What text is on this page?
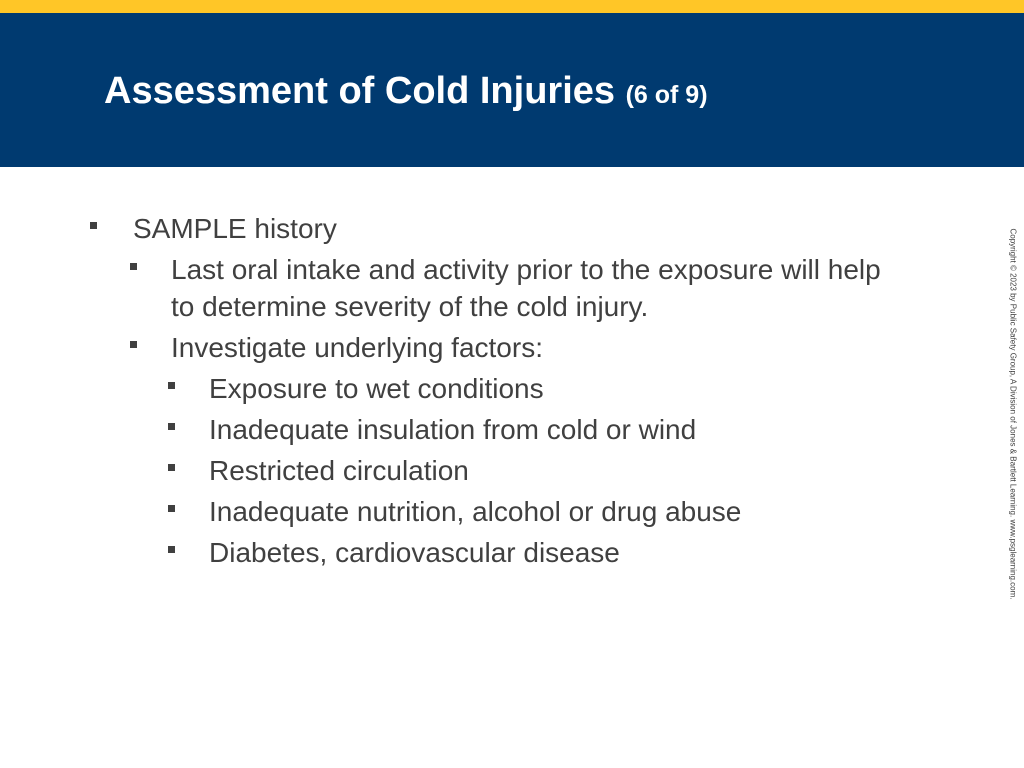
Assessment of Cold Injuries (6 of 9)
SAMPLE history
Last oral intake and activity prior to the exposure will help to determine severity of the cold injury.
Investigate underlying factors:
Exposure to wet conditions
Inadequate insulation from cold or wind
Restricted circulation
Inadequate nutrition, alcohol or drug abuse
Diabetes, cardiovascular disease	Copyright © 2023 by Public Safety Group, A Division of Jones & Bartlett Learning. www.psglearning.com.
